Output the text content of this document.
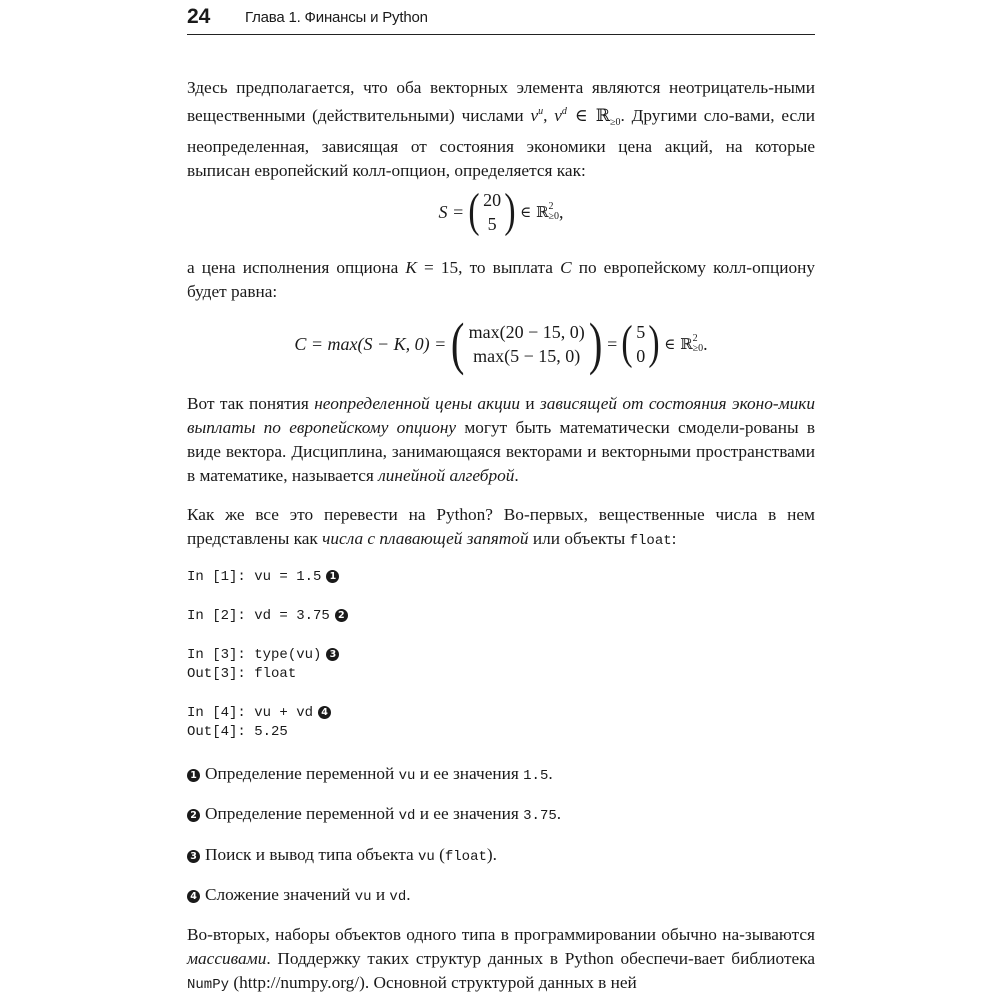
24 Глава 1. Финансы и Python

Здесь предполагается, что оба векторных элемента являются неотрицатель-ными вещественными (действительными) числами $v^u$, $v^d$ ∈ ℝ$_{\ge 0}$. Другими сло-вами, если неопределенная, зависящая от состояния экономики цена акций, на которые выписан европейский колл-опцион, определяется как:

S = ( 20
5 ) ∈ ℝ 2
≥0 ,

а цена исполнения опциона K = 15, то выплата C по европейскому колл-опциону будет равна:

C = max(S − K, 0) = ( max(20 − 15, 0)
max(5 − 15, 0) ) = ( 5
0 ) ∈ ℝ 2
≥0 .

Вот так понятия неопределенной цены акции и зависящей от состояния эконо-мики выплаты по европейскому опциону могут быть математически смодели-рованы в виде вектора. Дисциплина, занимающаяся векторами и векторными пространствами в математике, называется линейной алгеброй.

Как же все это перевести на Python? Во-первых, вещественные числа в нем представлены как числа с плавающей запятой или объекты float:

In [1]: vu = 1.5 1
In [2]: vd = 3.75 2
In [3]: type(vu) 3
Out[3]: float
In [4]: vu + vd 4
Out[4]: 5.25
1 Определение переменной vu и ее значения 1.5.
2 Определение переменной vd и ее значения 3.75.
3 Поиск и вывод типа объекта vu (float).
4 Сложение значений vu и vd.

Во-вторых, наборы объектов одного типа в программировании обычно на-зываются массивами. Поддержку таких структур данных в Python обеспечи-вает библиотека NumPy (http://numpy.org/). Основной структурой данных в ней
